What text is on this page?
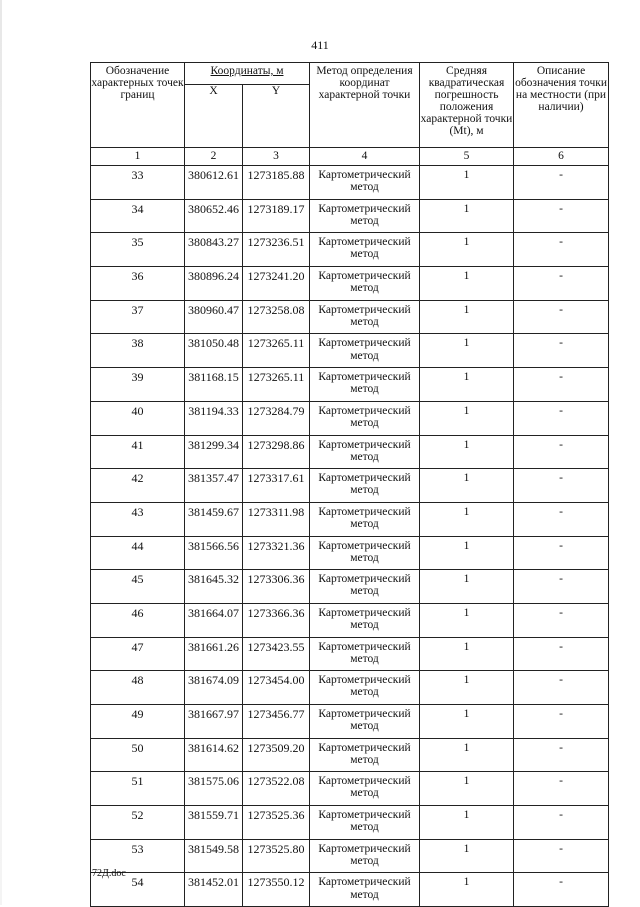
411
Обозначение характерных точек границ	Координаты, м		Метод определения координат характерной точки	Средняя квадратическая погрешность положения характерной точки (Mt), м	Описание обозначения точки на местности (при наличии)
	X	Y			
1	2	3	4	5	6
33	380612.61	1273185.88	Картометрический метод	1	-
34	380652.46	1273189.17	Картометрический метод	1	-
35	380843.27	1273236.51	Картометрический метод	1	-
36	380896.24	1273241.20	Картометрический метод	1	-
37	380960.47	1273258.08	Картометрический метод	1	-
38	381050.48	1273265.11	Картометрический метод	1	-
39	381168.15	1273265.11	Картометрический метод	1	-
40	381194.33	1273284.79	Картометрический метод	1	-
41	381299.34	1273298.86	Картометрический метод	1	-
42	381357.47	1273317.61	Картометрический метод	1	-
43	381459.67	1273311.98	Картометрический метод	1	-
44	381566.56	1273321.36	Картометрический метод	1	-
45	381645.32	1273306.36	Картометрический метод	1	-
46	381664.07	1273366.36	Картометрический метод	1	-
47	381661.26	1273423.55	Картометрический метод	1	-
48	381674.09	1273454.00	Картометрический метод	1	-
49	381667.97	1273456.77	Картометрический метод	1	-
50	381614.62	1273509.20	Картометрический метод	1	-
51	381575.06	1273522.08	Картометрический метод	1	-
52	381559.71	1273525.36	Картометрический метод	1	-
53	381549.58	1273525.80	Картометрический метод	1	-
54	381452.01	1273550.12	Картометрический метод	1	-
72Д.doc
